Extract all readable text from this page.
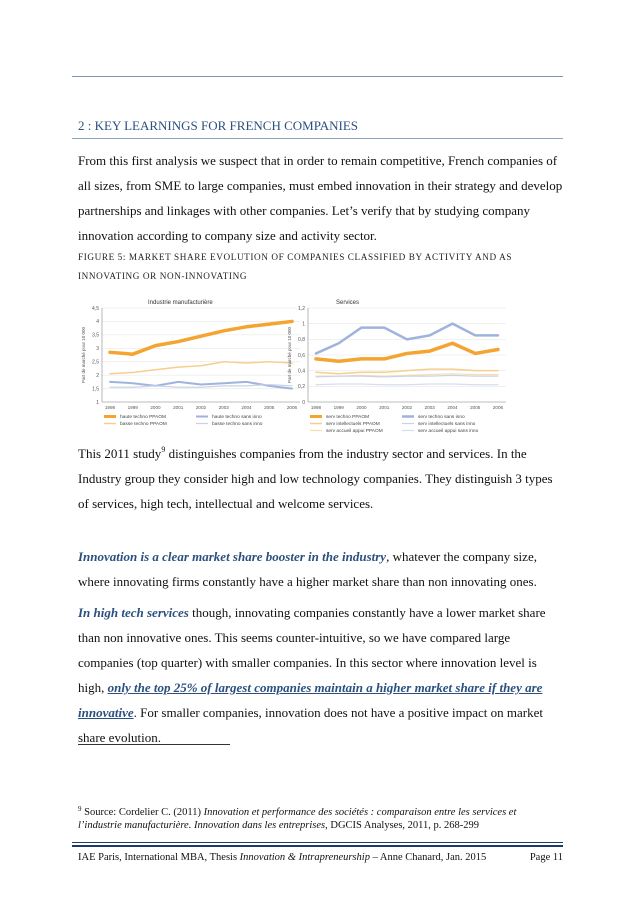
2 : KEY LEARNINGS FOR FRENCH COMPANIES
From this first analysis we suspect that in order to remain competitive, French companies of all sizes, from SME to large companies, must embed innovation in their strategy and develop partnerships and linkages with other companies. Let’s verify that by studying company innovation according to company size and activity sector.
FIGURE 5: MARKET SHARE EVOLUTION OF COMPANIES CLASSIFIED BY ACTIVITY AND AS INNOVATING OR NON-INNOVATING
Industrie manufacturière
Part de marché pour 10 000
1
1,5
2
2,5
3
3,5
4
4,5
1998	1999	2000	2001	2002	2003	2004	2005	2006
haute techno PPAOM
basse techno PPAOM
haute techno sans inno
basse techno sans inno
Services
Part de marché pour 10 000
0
0,2
0,4
0,6
0,8
1
1,2
1998	1999	2000	2001	2002	2003	2004	2005	2006
serv techno PPAOM
serv intellectuels PPAOM
serv accueil appui PPAOM
serv techno sans inno
serv intellectuels sans inno
serv accueil appui sans inno
This 2011 study$^9$ distinguishes companies from the industry sector and services. In the Industry group they consider high and low technology companies. They distinguish 3 types of services, high tech, intellectual and welcome services.
Innovation is a clear market share booster in the industry, whatever the company size, where innovating firms constantly have a higher market share than non innovating ones.
In high tech services though, innovating companies constantly have a lower market share than non innovative ones. This seems counter-intuitive, so we have compared large companies (top quarter) with smaller companies. In this sector where innovation level is high, only the top 25% of largest companies maintain a higher market share if they are innovative. For smaller companies, innovation does not have a positive impact on market share evolution.
$^9$ Source: Cordelier C. (2011) Innovation et performance des sociétés : comparaison entre les services et l’industrie manufacturière. Innovation dans les entreprises, DGCIS Analyses, 2011, p. 268-299
IAE Paris, International MBA, Thesis Innovation & Intrapreneurship – Anne Chanard, Jan. 2015	Page 11
